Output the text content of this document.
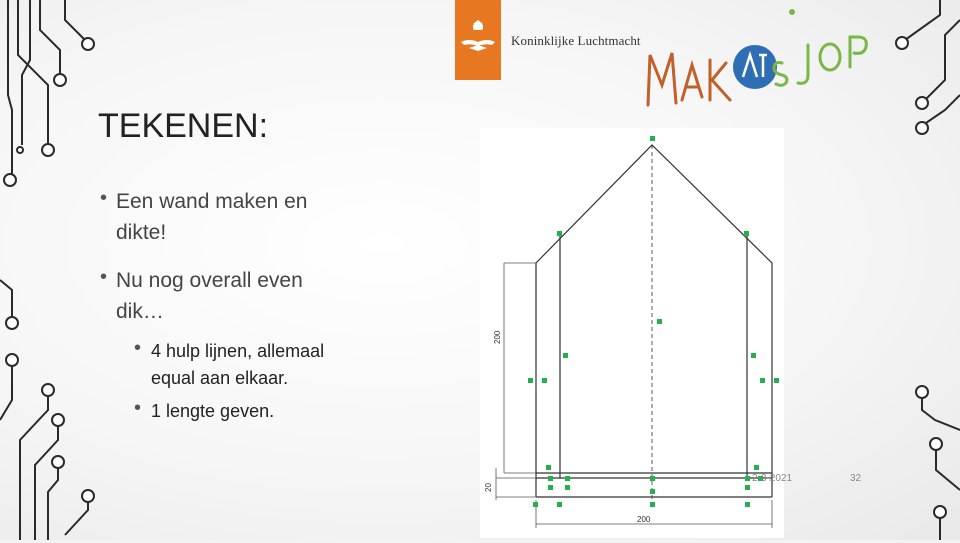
Koninklijke Luchtmacht
TEKENEN:
• Een wand maken en dikte!
• Nu nog overall even dik…
• 4 hulp lijnen, allemaal equal aan elkaar.
• 1 lengte geven.
200
20
200
2-3-2021	32
